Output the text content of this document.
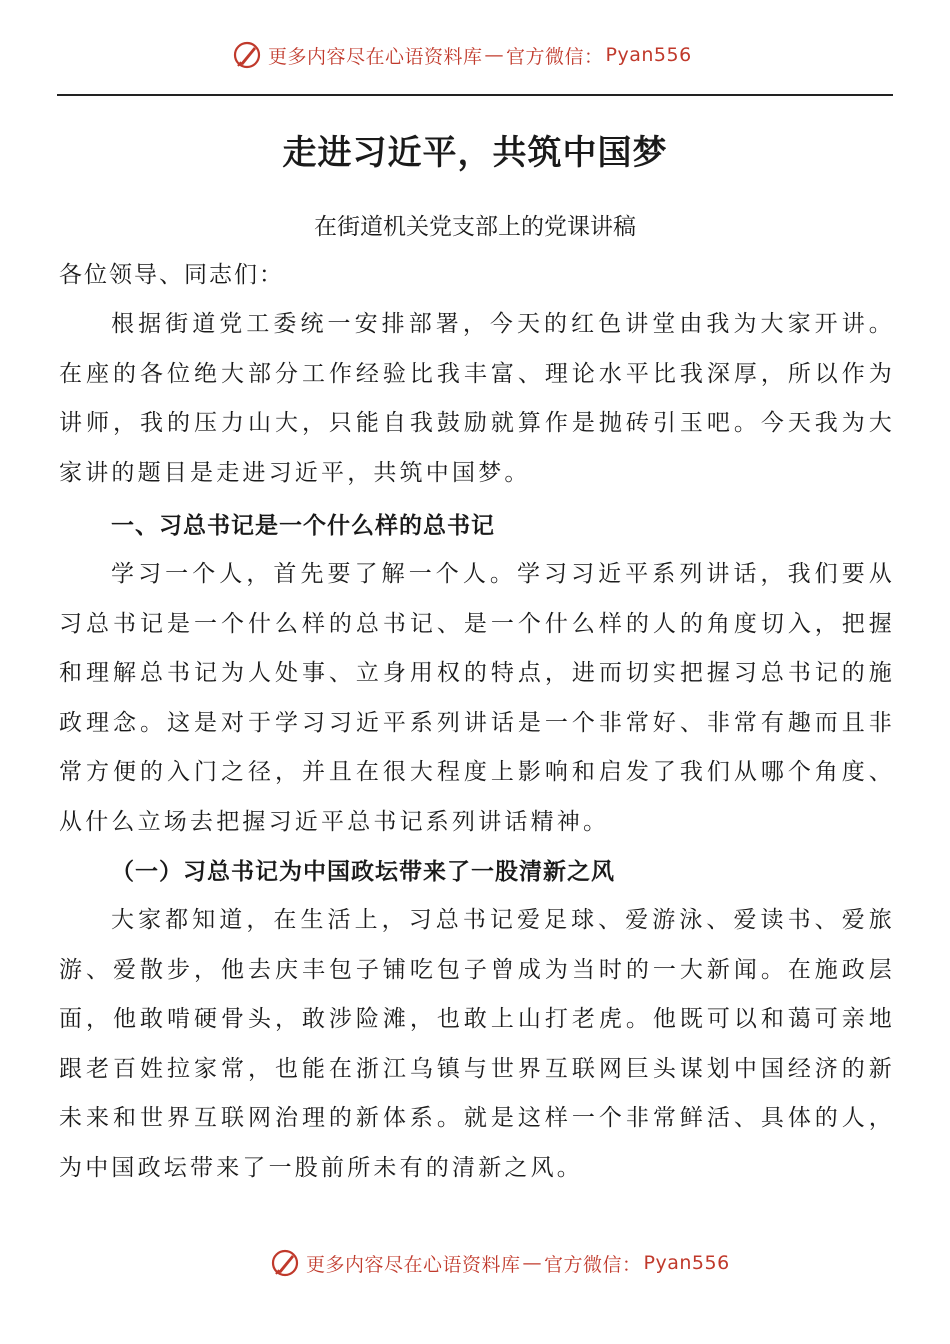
更多内容尽在心语资料库 — 官方微信： Pyan556
走进习近平，共筑中国梦
在街道机关党支部上的党课讲稿
各位领导、同志们：

根据街道党工委统一安排部署，今天的红色讲堂由我为大家开讲。在座的各位绝大部分工作经验比我丰富、理论水平比我深厚，所以作为讲师，我的压力山大，只能自我鼓励就算作是抛砖引玉吧。今天我为大家讲的题目是走进习近平，共筑中国梦。

一、习总书记是一个什么样的总书记

学习一个人，首先要了解一个人。学习习近平系列讲话，我们要从习总书记是一个什么样的总书记、是一个什么样的人的角度切入，把握和理解总书记为人处事、立身用权的特点，进而切实把握习总书记的施政理念。这是对于学习习近平系列讲话是一个非常好、非常有趣而且非常方便的入门之径，并且在很大程度上影响和启发了我们从哪个角度、从什么立场去把握习近平总书记系列讲话精神。

（一）习总书记为中国政坛带来了一股清新之风

大家都知道，在生活上，习总书记爱足球、爱游泳、爱读书、爱旅游、爱散步，他去庆丰包子铺吃包子曾成为当时的一大新闻。在施政层面，他敢啃硬骨头，敢涉险滩，也敢上山打老虎。他既可以和蔼可亲地跟老百姓拉家常，也能在浙江乌镇与世界互联网巨头谋划中国经济的新未来和世界互联网治理的新体系。就是这样一个非常鲜活、具体的人，为中国政坛带来了一股前所未有的清新之风。

更多内容尽在心语资料库 — 官方微信： Pyan556
